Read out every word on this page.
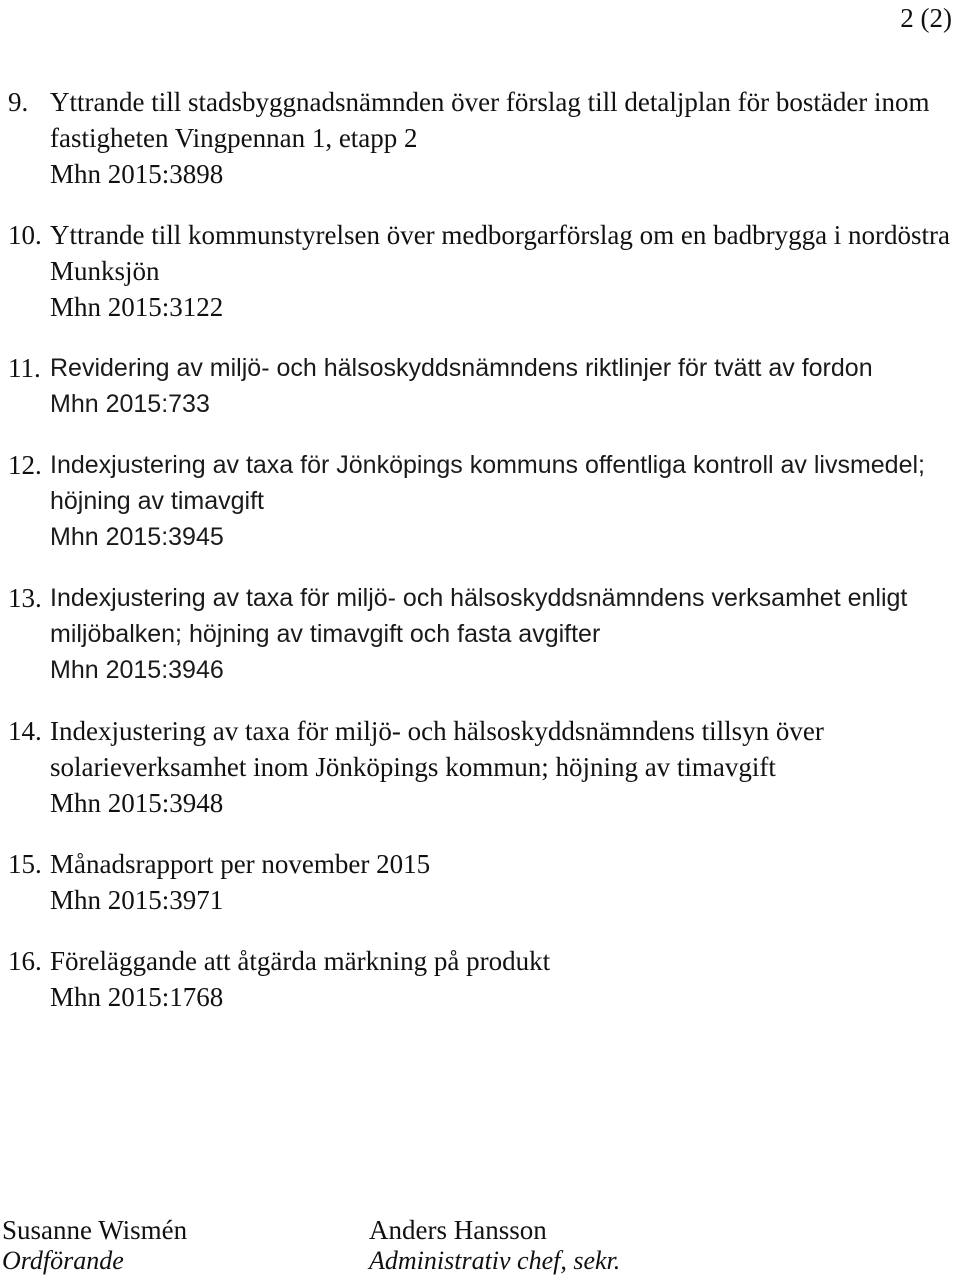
2 (2)
9. Yttrande till stadsbyggnadsnämnden över förslag till detaljplan för bostäder inom fastigheten Vingpennan 1, etapp 2
Mhn 2015:3898
10. Yttrande till kommunstyrelsen över medborgarförslag om en badbrygga i nordöstra Munksjön
Mhn 2015:3122
11. Revidering av miljö- och hälsoskyddsnämndens riktlinjer för tvätt av fordon
Mhn 2015:733
12. Indexjustering av taxa för Jönköpings kommuns offentliga kontroll av livsmedel; höjning av timavgift
Mhn 2015:3945
13. Indexjustering av taxa för miljö- och hälsoskyddsnämndens verksamhet enligt miljöbalken; höjning av timavgift och fasta avgifter
Mhn 2015:3946
14. Indexjustering av taxa för miljö- och hälsoskyddsnämndens tillsyn över solarieverksamhet inom Jönköpings kommun; höjning av timavgift
Mhn 2015:3948
15. Månadsrapport per november 2015
Mhn 2015:3971
16. Föreläggande att åtgärda märkning på produkt
Mhn 2015:1768
Susanne Wismén
Ordförande
Anders Hansson
Administrativ chef, sekr.
